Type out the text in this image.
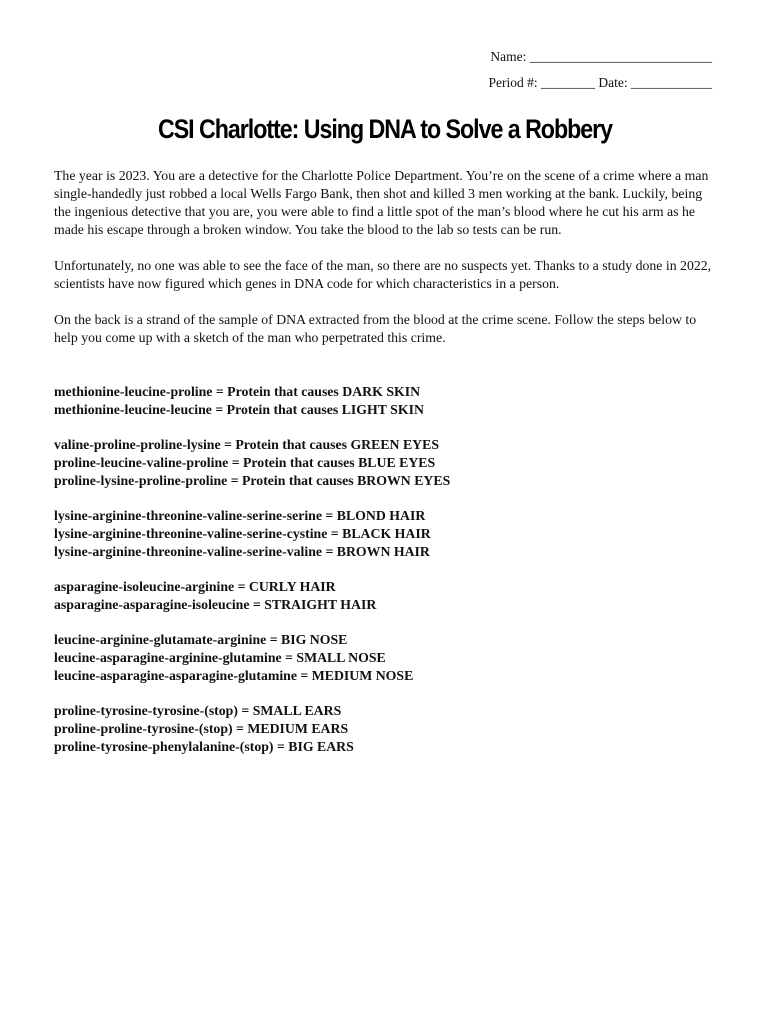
Name: ___________________________
Period #: ________ Date: ____________
CSI Charlotte: Using DNA to Solve a Robbery

The year is 2023. You are a detective for the Charlotte Police Department. You’re on the scene of a crime where a man single-handedly just robbed a local Wells Fargo Bank, then shot and killed 3 men working at the bank. Luckily, being the ingenious detective that you are, you were able to find a little spot of the man’s blood where he cut his arm as he made his escape through a broken window. You take the blood to the lab so tests can be run.

Unfortunately, no one was able to see the face of the man, so there are no suspects yet. Thanks to a study done in 2022, scientists have now figured which genes in DNA code for which characteristics in a person.

On the back is a strand of the sample of DNA extracted from the blood at the crime scene. Follow the steps below to help you come up with a sketch of the man who perpetrated this crime.

methionine-leucine-proline = Protein that causes DARK SKIN
methionine-leucine-leucine = Protein that causes LIGHT SKIN
valine-proline-proline-lysine = Protein that causes GREEN EYES
proline-leucine-valine-proline = Protein that causes BLUE EYES
proline-lysine-proline-proline = Protein that causes BROWN EYES
lysine-arginine-threonine-valine-serine-serine = BLOND HAIR
lysine-arginine-threonine-valine-serine-cystine = BLACK HAIR
lysine-arginine-threonine-valine-serine-valine = BROWN HAIR
asparagine-isoleucine-arginine = CURLY HAIR
asparagine-asparagine-isoleucine = STRAIGHT HAIR
leucine-arginine-glutamate-arginine = BIG NOSE
leucine-asparagine-arginine-glutamine = SMALL NOSE
leucine-asparagine-asparagine-glutamine = MEDIUM NOSE
proline-tyrosine-tyrosine-(stop) = SMALL EARS
proline-proline-tyrosine-(stop) = MEDIUM EARS
proline-tyrosine-phenylalanine-(stop) = BIG EARS
